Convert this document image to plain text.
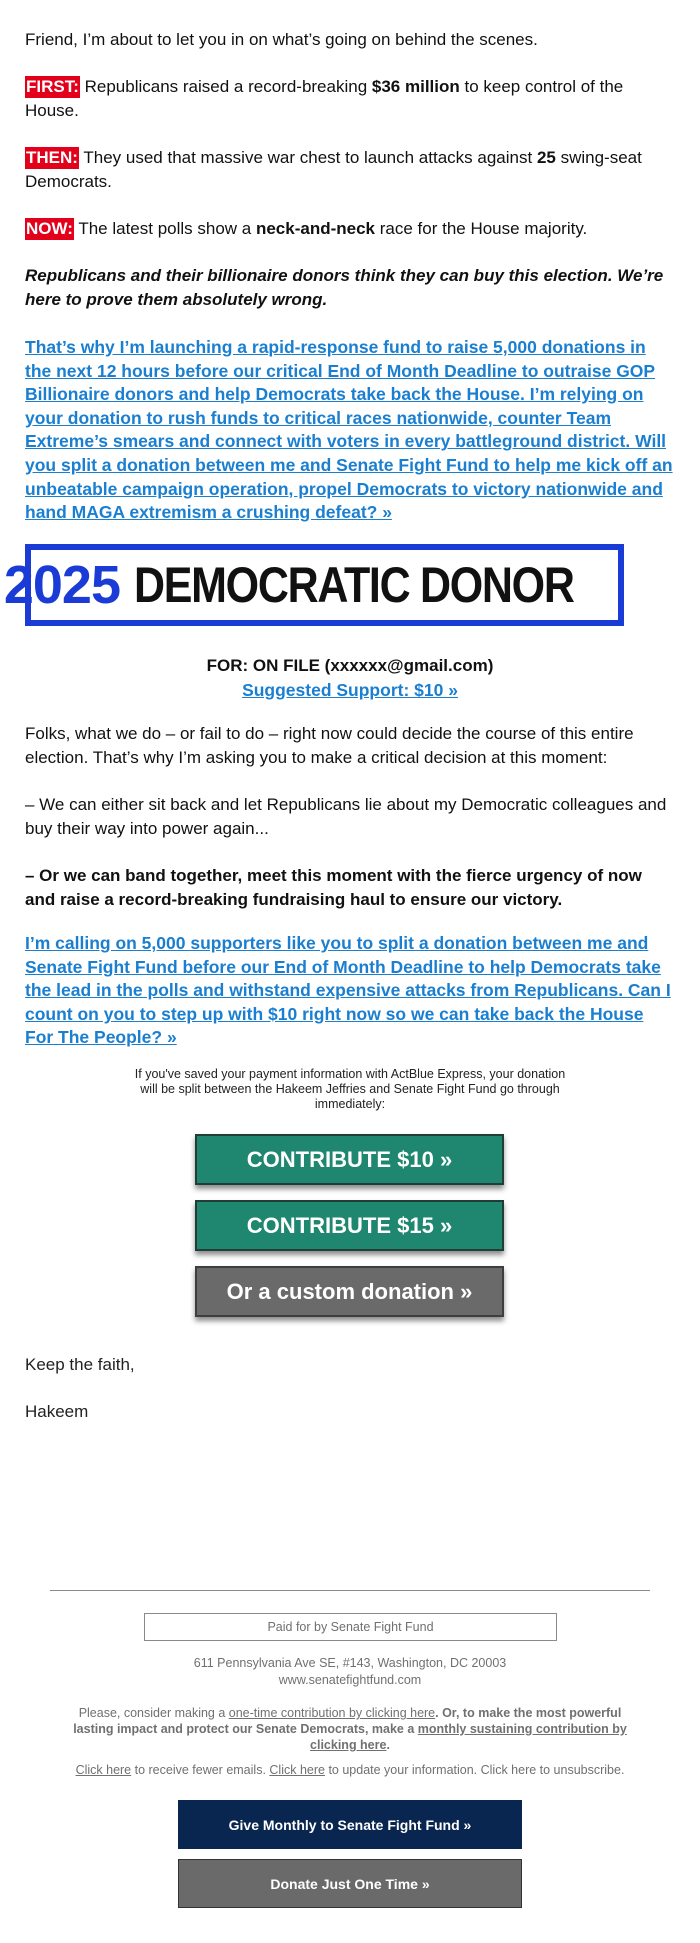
Friend, I’m about to let you in on what’s going on behind the scenes.

FIRST: Republicans raised a record-breaking $36 million to keep control of the House.

THEN: They used that massive war chest to launch attacks against 25 swing-seat Democrats.

NOW: The latest polls show a neck-and-neck race for the House majority.

Republicans and their billionaire donors think they can buy this election. We’re here to prove them absolutely wrong.

That’s why I’m launching a rapid-response fund to raise 5,000 donations in the next 12 hours before our critical End of Month Deadline to outraise GOP Billionaire donors and help Democrats take back the House. I’m relying on your donation to rush funds to critical races nationwide, counter Team Extreme’s smears and connect with voters in every battleground district. Will you split a donation between me and Senate Fight Fund to help me kick off an unbeatable campaign operation, propel Democrats to victory nationwide and hand MAGA extremism a crushing defeat? »
2025 DEMOCRATIC DONOR

FOR: ON FILE (xxxxxx@gmail.com)

Suggested Support: $10 »

Folks, what we do – or fail to do – right now could decide the course of this entire election. That’s why I’m asking you to make a critical decision at this moment:

– We can either sit back and let Republicans lie about my Democratic colleagues and buy their way into power again...

– Or we can band together, meet this moment with the fierce urgency of now and raise a record-breaking fundraising haul to ensure our victory.

I’m calling on 5,000 supporters like you to split a donation between me and Senate Fight Fund before our End of Month Deadline to help Democrats take the lead in the polls and withstand expensive attacks from Republicans. Can I count on you to step up with $10 right now so we can take back the House For The People? »

If you've saved your payment information with ActBlue Express, your donation will be split between the Hakeem Jeffries and Senate Fight Fund go through immediately:

CONTRIBUTE $10 »
CONTRIBUTE $15 »
Or a custom donation »

Keep the faith,

Hakeem

Paid for by Senate Fight Fund

611 Pennsylvania Ave SE, #143, Washington, DC 20003

www.senatefightfund.com

Please, consider making a one-time contribution by clicking here. Or, to make the most powerful lasting impact and protect our Senate Democrats, make a monthly sustaining contribution by clicking here.

Click here to receive fewer emails. Click here to update your information. Click here to unsubscribe.

Give Monthly to Senate Fight Fund »
Donate Just One Time »
